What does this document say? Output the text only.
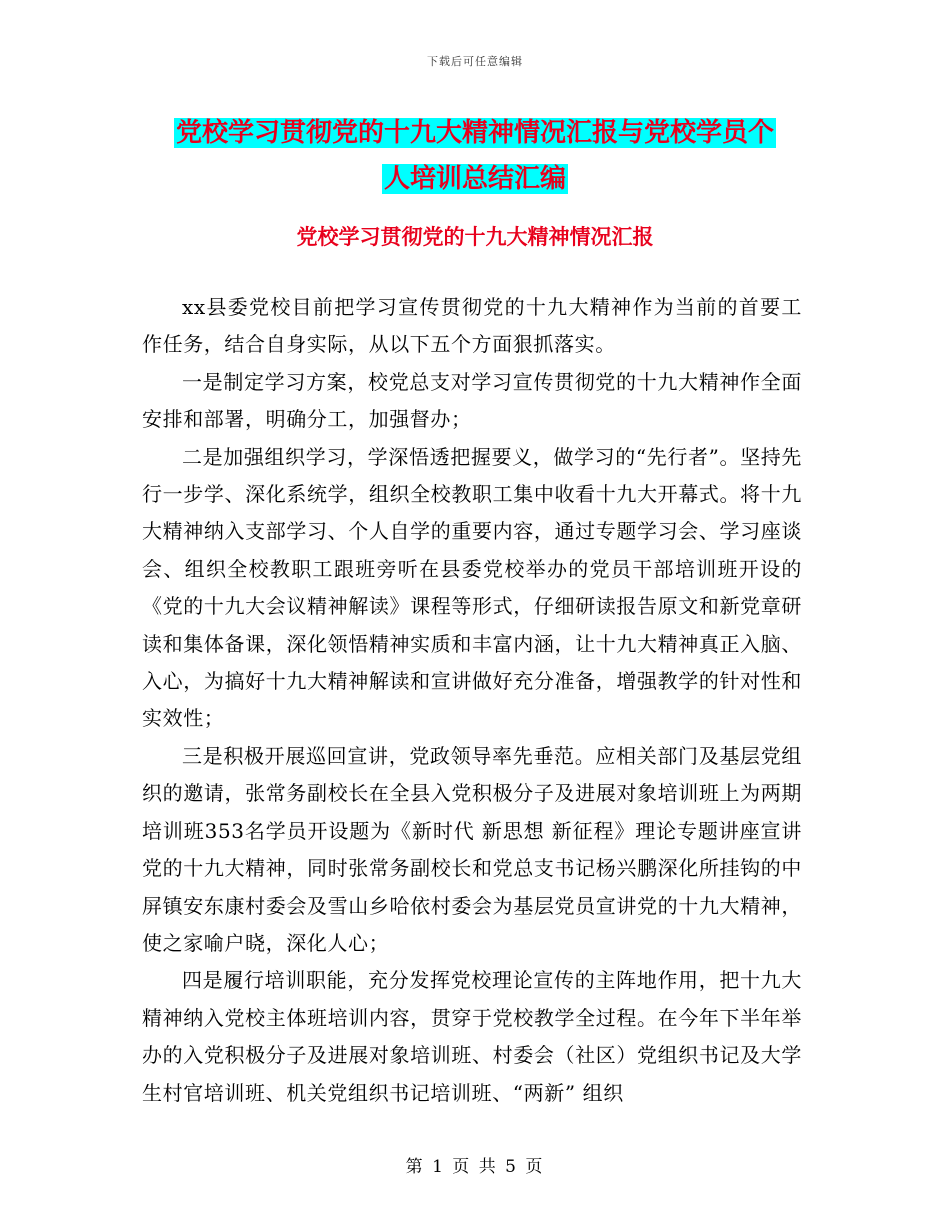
下载后可任意编辑
党校学习贯彻党的十九大精神情况汇报与党校学员个
人培训总结汇编
党校学习贯彻党的十九大精神情况汇报

xx县委党校目前把学习宣传贯彻党的十九大精神作为当前的首要工作任务，结合自身实际，从以下五个方面狠抓落实。

一是制定学习方案，校党总支对学习宣传贯彻党的十九大精神作全面安排和部署，明确分工，加强督办；

二是加强组织学习，学深悟透把握要义，做学习的“先行者”。坚持先行一步学、深化系统学，组织全校教职工集中收看十九大开幕式。将十九大精神纳入支部学习、个人自学的重要内容，通过专题学习会、学习座谈会、组织全校教职工跟班旁听在县委党校举办的党员干部培训班开设的《党的十九大会议精神解读》课程等形式，仔细研读报告原文和新党章研读和集体备课，深化领悟精神实质和丰富内涵，让十九大精神真正入脑、入心，为搞好十九大精神解读和宣讲做好充分准备，增强教学的针对性和实效性；

三是积极开展巡回宣讲，党政领导率先垂范。应相关部门及基层党组织的邀请，张常务副校长在全县入党积极分子及进展对象培训班上为两期培训班353名学员开设题为《新时代 新思想 新征程》理论专题讲座宣讲党的十九大精神，同时张常务副校长和党总支书记杨兴鹏深化所挂钩的中屏镇安东康村委会及雪山乡哈依村委会为基层党员宣讲党的十九大精神，使之家喻户晓，深化人心；

四是履行培训职能，充分发挥党校理论宣传的主阵地作用，把十九大精神纳入党校主体班培训内容，贯穿于党校教学全过程。在今年下半年举办的入党积极分子及进展对象培训班、村委会（社区）党组织书记及大学生村官培训班、机关党组织书记培训班、“两新” 组织

第 1 页 共 5 页
